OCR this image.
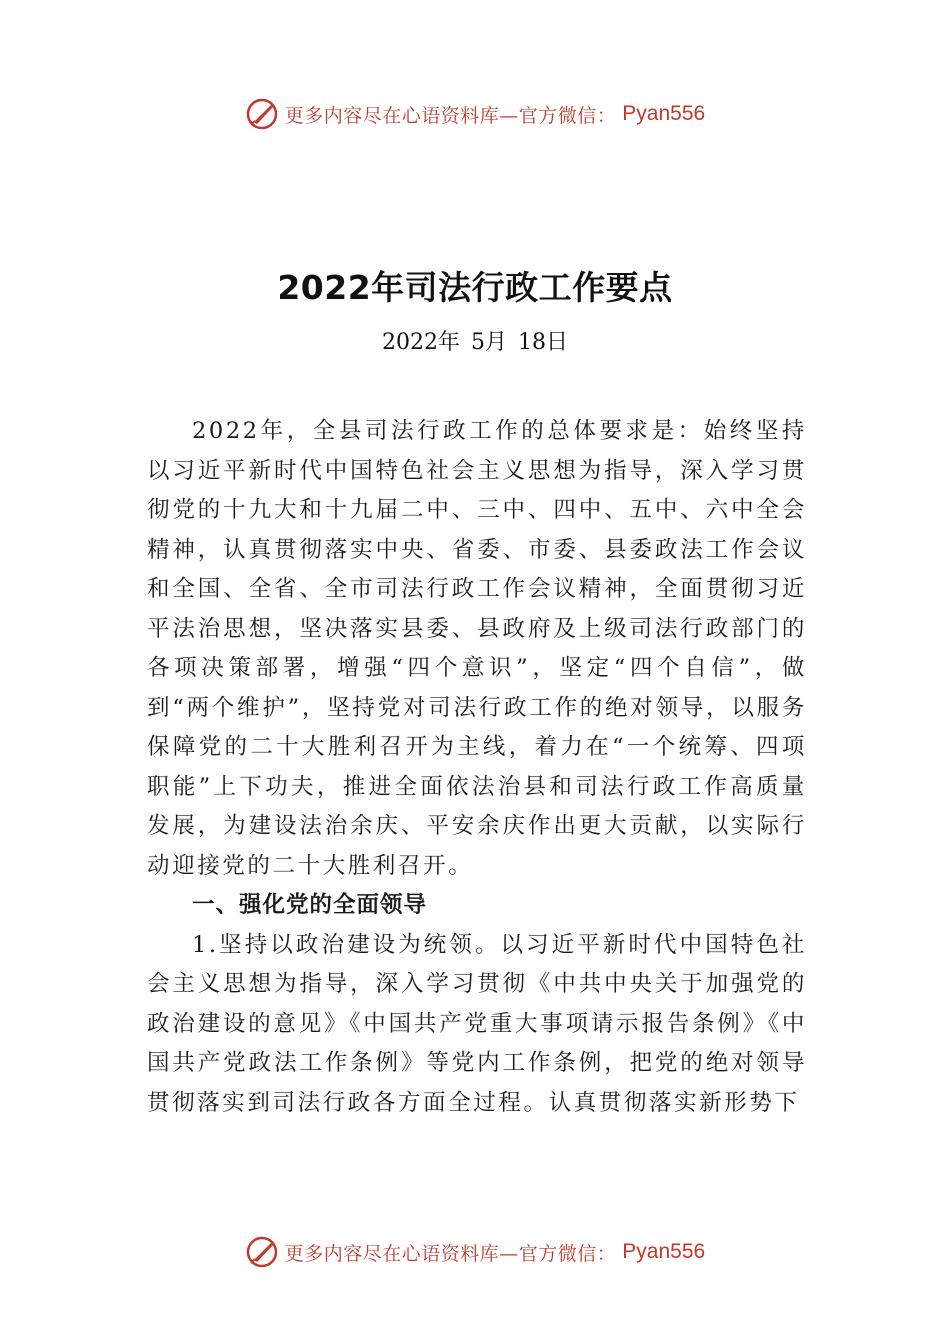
更多内容尽在心语资料库—官方微信： Pyan556
2022年司法行政工作要点
2022年 5月 18日

2022年，全县司法行政工作的总体要求是：始终坚持以习近平新时代中国特色社会主义思想为指导，深入学习贯彻党的十九大和十九届二中、三中、四中、五中、六中全会精神，认真贯彻落实中央、省委、市委、县委政法工作会议和全国、全省、全市司法行政工作会议精神，全面贯彻习近平法治思想，坚决落实县委、县政府及上级司法行政部门的各项决策部署，增强“四个意识”，坚定“四个自信”，做到“两个维护”，坚持党对司法行政工作的绝对领导，以服务保障党的二十大胜利召开为主线，着力在“一个统筹、四项职能”上下功夫，推进全面依法治县和司法行政工作高质量发展，为建设法治余庆、平安余庆作出更大贡献，以实际行动迎接党的二十大胜利召开。

一、强化党的全面领导

1.坚持以政治建设为统领。以习近平新时代中国特色社会主义思想为指导，深入学习贯彻《中共中央关于加强党的政治建设的意见》《中国共产党重大事项请示报告条例》《中国共产党政法工作条例》等党内工作条例，把党的绝对领导贯彻落实到司法行政各方面全过程。认真贯彻落实新形势下

更多内容尽在心语资料库—官方微信： Pyan556
